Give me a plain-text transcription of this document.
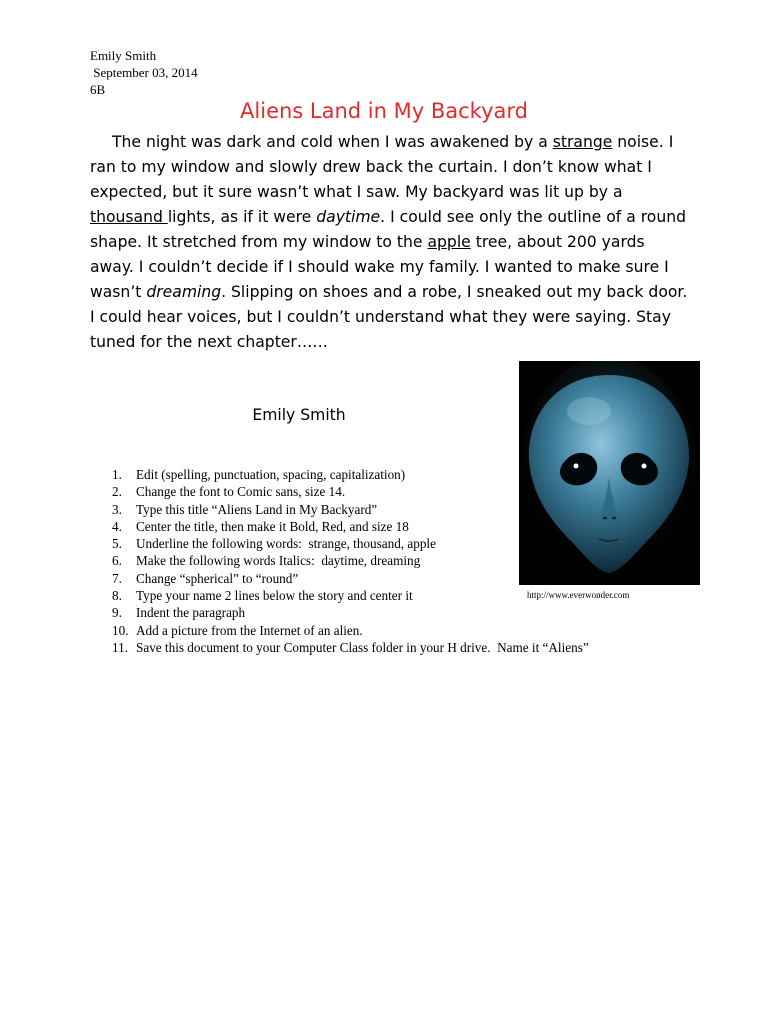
Emily Smith
September 03, 2014
6B
Aliens Land in My Backyard

The night was dark and cold when I was awakened by a strange noise. I ran to my window and slowly drew back the curtain. I don’t know what I expected, but it sure wasn’t what I saw. My backyard was lit up by a thousand lights, as if it were daytime. I could see only the outline of a round shape. It stretched from my window to the apple tree, about 200 yards away. I couldn’t decide if I should wake my family. I wanted to make sure I wasn’t dreaming. Slipping on shoes and a robe, I sneaked out my back door. I could hear voices, but I couldn’t understand what they were saying. Stay tuned for the next chapter……

Emily Smith
1. Edit (spelling, punctuation, spacing, capitalization)
2. Change the font to Comic sans, size 14.
3. Type this title “Aliens Land in My Backyard”
4. Center the title, then make it Bold, Red, and size 18
5. Underline the following words:  strange, thousand, apple
6. Make the following words Italics:  daytime, dreaming
7. Change “spherical” to “round”
8. Type your name 2 lines below the story and center it
9. Indent the paragraph
10. Add a picture from the Internet of an alien.
11. Save this document to your Computer Class folder in your H drive.  Name it “Aliens”
http://www.everwonder.com
